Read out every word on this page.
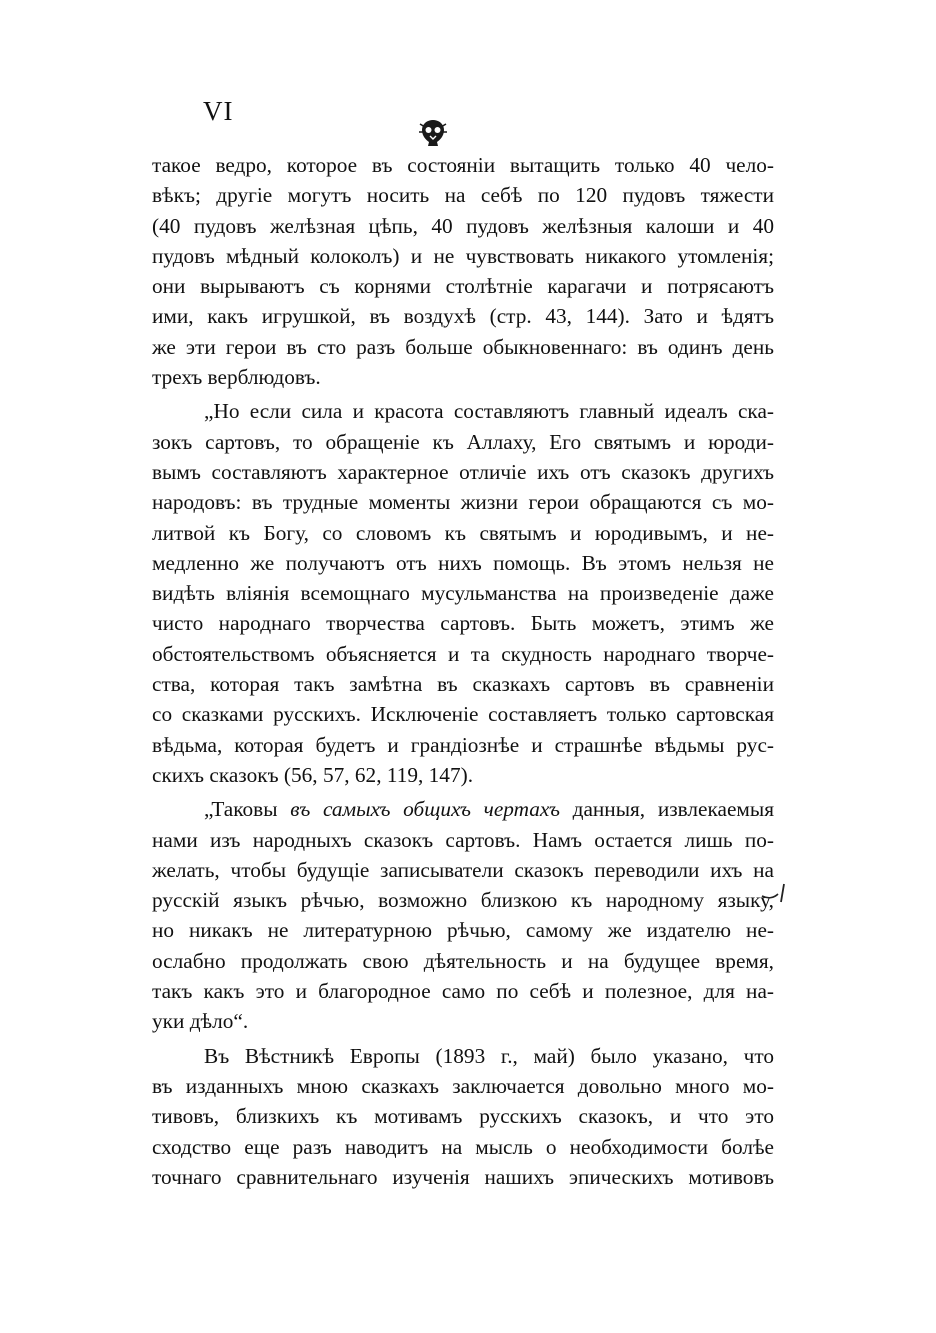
VI
такое ведро, которое въ состоянiи вытащить только 40 чело-
вѣкъ; другiе могутъ носить на себѣ по 120 пудовъ тяжести
(40 пудовъ желѣзная цѣпь, 40 пудовъ желѣзныя калоши и 40
пудовъ мѣдный колоколъ) и не чувствовать никакого утомленiя;
они вырываютъ съ корнями столѣтнiе карагачи и потрясаютъ
ими, какъ игрушкой, въ воздухѣ (стр. 43, 144). Зато и ѣдятъ
же эти герои въ сто разъ больше обыкновеннаго: въ одинъ день
трехъ верблюдовъ.
„Но если сила и красота составляютъ главный идеалъ ска-
зокъ сартовъ, то обращенiе къ Аллаху, Его святымъ и юроди-
вымъ составляютъ характерное отличiе ихъ отъ сказокъ другихъ
народовъ: въ трудные моменты жизни герои обращаются съ мо-
литвой къ Богу, со словомъ къ святымъ и юродивымъ, и не-
медленно же получаютъ отъ нихъ помощь. Въ этомъ нельзя не
видѣть влiянiя всемощнаго мусульманства на произведенiе даже
чисто народнаго творчества сартовъ. Быть можетъ, этимъ же
обстоятельствомъ объясняется и та скудность народнаго творче-
ства, которая такъ замѣтна въ сказкахъ сартовъ въ сравненiи
со сказками русскихъ. Исключенiе составляетъ только сартовская
вѣдьма, которая будетъ и грандiознѣе и страшнѣе вѣдьмы рус-
скихъ сказокъ (56, 57, 62, 119, 147).
„Таковы въ самыхъ общихъ чертахъ данныя, извлекаемыя
нами изъ народныхъ сказокъ сартовъ. Намъ остается лишь по-
желать, чтобы будущiе записыватели сказокъ переводили ихъ на
русскiй языкъ рѣчью, возможно близкою къ народному языку,
но никакъ не литературною рѣчью, самому же издателю не-
ослабно продолжать свою дѣятельность и на будущее время,
такъ какъ это и благородное само по себѣ и полезное, для на-
уки дѣло“.
Въ Вѣстникѣ Европы (1893 г., май) было указано, что
въ изданныхъ мною сказкахъ заключается довольно много мо-
тивовъ, близкихъ къ мотивамъ русскихъ сказокъ, и что это
сходство еще разъ наводитъ на мысль о необходимости болѣе
точнаго сравнительнаго изученiя нашихъ эпическихъ мотивовъ
